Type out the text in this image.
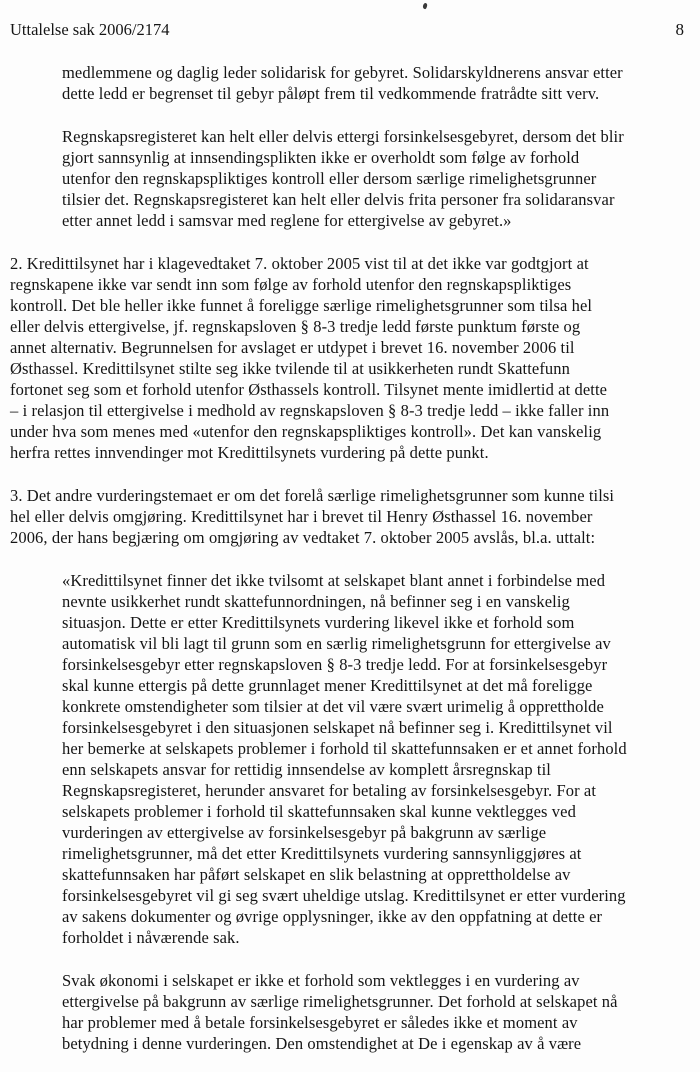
Uttalelse sak 2006/2174	8

medlemmene og daglig leder solidarisk for gebyret. Solidarskyldnerens ansvar etter
dette ledd er begrenset til gebyr påløpt frem til vedkommende fratrådte sitt verv.

Regnskapsregisteret kan helt eller delvis ettergi forsinkelsesgebyret, dersom det blir
gjort sannsynlig at innsendingsplikten ikke er overholdt som følge av forhold
utenfor den regnskapspliktiges kontroll eller dersom særlige rimelighetsgrunner
tilsier det. Regnskapsregisteret kan helt eller delvis frita personer fra solidaransvar
etter annet ledd i samsvar med reglene for ettergivelse av gebyret.»

2. Kredittilsynet har i klagevedtaket 7. oktober 2005 vist til at det ikke var godtgjort at
regnskapene ikke var sendt inn som følge av forhold utenfor den regnskapspliktiges
kontroll. Det ble heller ikke funnet å foreligge særlige rimelighetsgrunner som tilsa hel
eller delvis ettergivelse, jf. regnskapsloven § 8-3 tredje ledd første punktum første og
annet alternativ. Begrunnelsen for avslaget er utdypet i brevet 16. november 2006 til
Østhassel. Kredittilsynet stilte seg ikke tvilende til at usikkerheten rundt Skattefunn
fortonet seg som et forhold utenfor Østhassels kontroll. Tilsynet mente imidlertid at dette
– i relasjon til ettergivelse i medhold av regnskapsloven § 8-3 tredje ledd – ikke faller inn
under hva som menes med «utenfor den regnskapspliktiges kontroll». Det kan vanskelig
herfra rettes innvendinger mot Kredittilsynets vurdering på dette punkt.

3. Det andre vurderingstemaet er om det forelå særlige rimelighetsgrunner som kunne tilsi
hel eller delvis omgjøring. Kredittilsynet har i brevet til Henry Østhassel 16. november
2006, der hans begjæring om omgjøring av vedtaket 7. oktober 2005 avslås, bl.a. uttalt:

«Kredittilsynet finner det ikke tvilsomt at selskapet blant annet i forbindelse med
nevnte usikkerhet rundt skattefunnordningen, nå befinner seg i en vanskelig
situasjon. Dette er etter Kredittilsynets vurdering likevel ikke et forhold som
automatisk vil bli lagt til grunn som en særlig rimelighetsgrunn for ettergivelse av
forsinkelsesgebyr etter regnskapsloven § 8-3 tredje ledd. For at forsinkelsesgebyr
skal kunne ettergis på dette grunnlaget mener Kredittilsynet at det må foreligge
konkrete omstendigheter som tilsier at det vil være svært urimelig å opprettholde
forsinkelsesgebyret i den situasjonen selskapet nå befinner seg i. Kredittilsynet vil
her bemerke at selskapets problemer i forhold til skattefunnsaken er et annet forhold
enn selskapets ansvar for rettidig innsendelse av komplett årsregnskap til
Regnskapsregisteret, herunder ansvaret for betaling av forsinkelsesgebyr. For at
selskapets problemer i forhold til skattefunnsaken skal kunne vektlegges ved
vurderingen av ettergivelse av forsinkelsesgebyr på bakgrunn av særlige
rimelighetsgrunner, må det etter Kredittilsynets vurdering sannsynliggjøres at
skattefunnsaken har påført selskapet en slik belastning at opprettholdelse av
forsinkelsesgebyret vil gi seg svært uheldige utslag. Kredittilsynet er etter vurdering
av sakens dokumenter og øvrige opplysninger, ikke av den oppfatning at dette er
forholdet i nåværende sak.

Svak økonomi i selskapet er ikke et forhold som vektlegges i en vurdering av
ettergivelse på bakgrunn av særlige rimelighetsgrunner. Det forhold at selskapet nå
har problemer med å betale forsinkelsesgebyret er således ikke et moment av
betydning i denne vurderingen. Den omstendighet at De i egenskap av å være
